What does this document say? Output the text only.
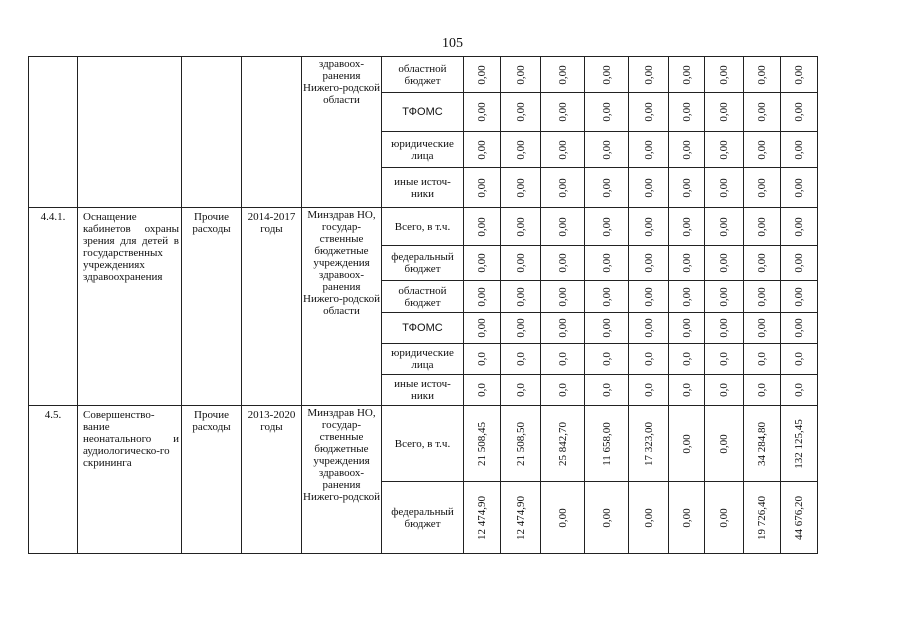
105
				здравоох-ранения Нижего-родской области	областной бюджет	0,00	0,00	0,00	0,00	0,00	0,00	0,00	0,00	0,00

					ТФОМС	0,00	0,00	0,00	0,00	0,00	0,00	0,00	0,00	0,00

					юридические лица	0,00	0,00	0,00	0,00	0,00	0,00	0,00	0,00	0,00

					иные источ-ники	0,00	0,00	0,00	0,00	0,00	0,00	0,00	0,00	0,00

4.4.1.	Оснащение кабинетов охраны зрения для детей в государственных учреждениях здравоохранения	Прочие расходы	2014-2017 годы	Минздрав НО, государ-ственные бюджетные учреждения здравоох-ранения Нижего-родской области	Всего, в т.ч.	0,00	0,00	0,00	0,00	0,00	0,00	0,00	0,00	0,00

					федеральный бюджет	0,00	0,00	0,00	0,00	0,00	0,00	0,00	0,00	0,00

					областной бюджет	0,00	0,00	0,00	0,00	0,00	0,00	0,00	0,00	0,00

					ТФОМС	0,00	0,00	0,00	0,00	0,00	0,00	0,00	0,00	0,00

					юридические лица	0,0	0,0	0,0	0,0	0,0	0,0	0,0	0,0	0,0

					иные источ-ники	0,0	0,0	0,0	0,0	0,0	0,0	0,0	0,0	0,0

4.5.	Совершенство-вание неонатального и аудиологическо-го скрининга	Прочие расходы	2013-2020 годы	Минздрав НО, государ-ственные бюджетные учреждения здравоох-ранения Нижего-родской	Всего, в т.ч.	21 508,45	21 508,50	25 842,70	11 658,00	17 323,00	0,00	0,00	34 284,80	132 125,45

					федеральный бюджет	12 474,90	12 474,90	0,00	0,00	0,00	0,00	0,00	19 726,40	44 676,20
